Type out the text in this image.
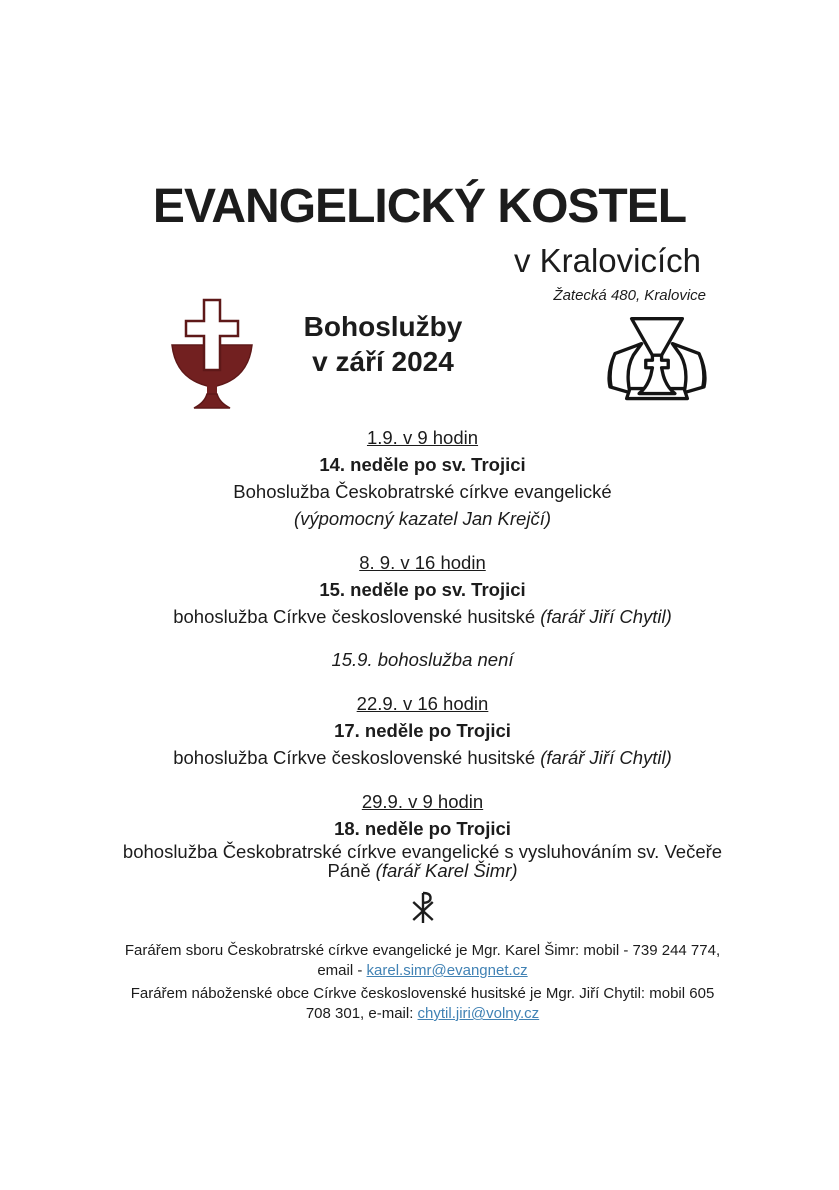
EVANGELICKÝ KOSTEL
v Kralovicích
Žatecká 480, Kralovice
Bohoslužby
v září 2024
1.9. v 9 hodin
14. neděle po sv. Trojici
Bohoslužba Českobratrské církve evangelické
(výpomocný kazatel Jan Krejčí)
8. 9. v 16 hodin
15. neděle po sv. Trojici
bohoslužba Církve československé husitské (farář Jiří Chytil)
15.9. bohoslužba není
22.9. v 16 hodin
17. neděle po Trojici
bohoslužba Církve československé husitské (farář Jiří Chytil)
29.9. v 9 hodin
18. neděle po Trojici
bohoslužba Českobratrské církve evangelické s vysluhováním sv. Večeře
Páně (farář Karel Šimr)
Farářem sboru Českobratrské církve evangelické je Mgr. Karel Šimr: mobil - 739 244 774,
email - karel.simr@evangnet.cz
Farářem náboženské obce Církve československé husitské je Mgr. Jiří Chytil: mobil 605
708 301, e-mail: chytil.jiri@volny.cz
